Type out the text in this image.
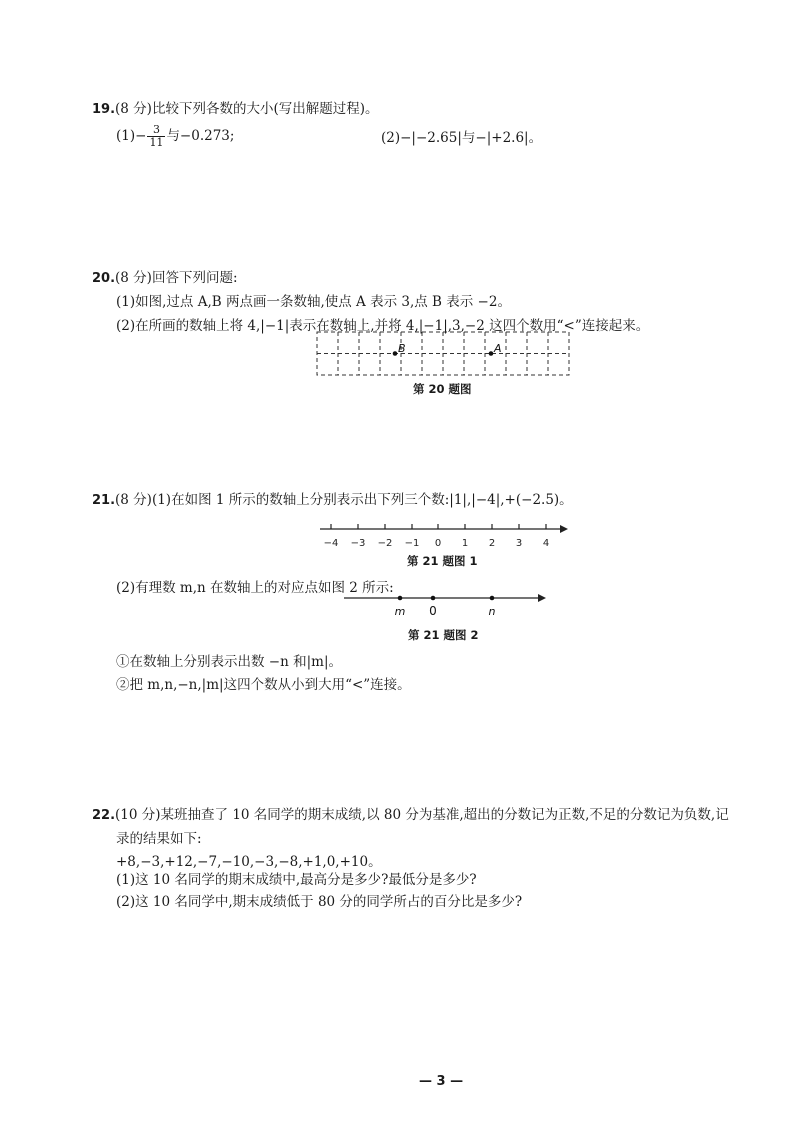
19.(8 分)比较下列各数的大小(写出解题过程)。
$(1)- \frac{3}{11}$ 与−0.273;	(2)−|−2.65|与−|+2.6|。
20.(8 分)回答下列问题:
(1)如图,过点 A,B 两点画一条数轴,使点 A 表示 3,点 B 表示 −2。
(2)在所画的数轴上将 4,|−1|表示在数轴上,并将 4,|−1|,3,−2 这四个数用“<”连接起来。
B	A
第 20 题图
21.(8 分)(1)在如图 1 所示的数轴上分别表示出下列三个数:|1|,|−4|,+(−2.5)。
−4 −3 −2 −1 0 1 2 3 4
第 21 题图 1
(2)有理数 m,n 在数轴上的对应点如图 2 所示:
m 0	n
第 21 题图 2
①在数轴上分别表示出数 −n 和|m|。
②把 m,n,−n,|m|这四个数从小到大用“<”连接。
22.(10 分)某班抽查了 10 名同学的期末成绩,以 80 分为基准,超出的分数记为正数,不足的分数记为负数,记
录的结果如下:
+8,−3,+12,−7,−10,−3,−8,+1,0,+10。
(1)这 10 名同学的期末成绩中,最高分是多少?最低分是多少?
(2)这 10 名同学中,期末成绩低于 80 分的同学所占的百分比是多少?
— 3 —
